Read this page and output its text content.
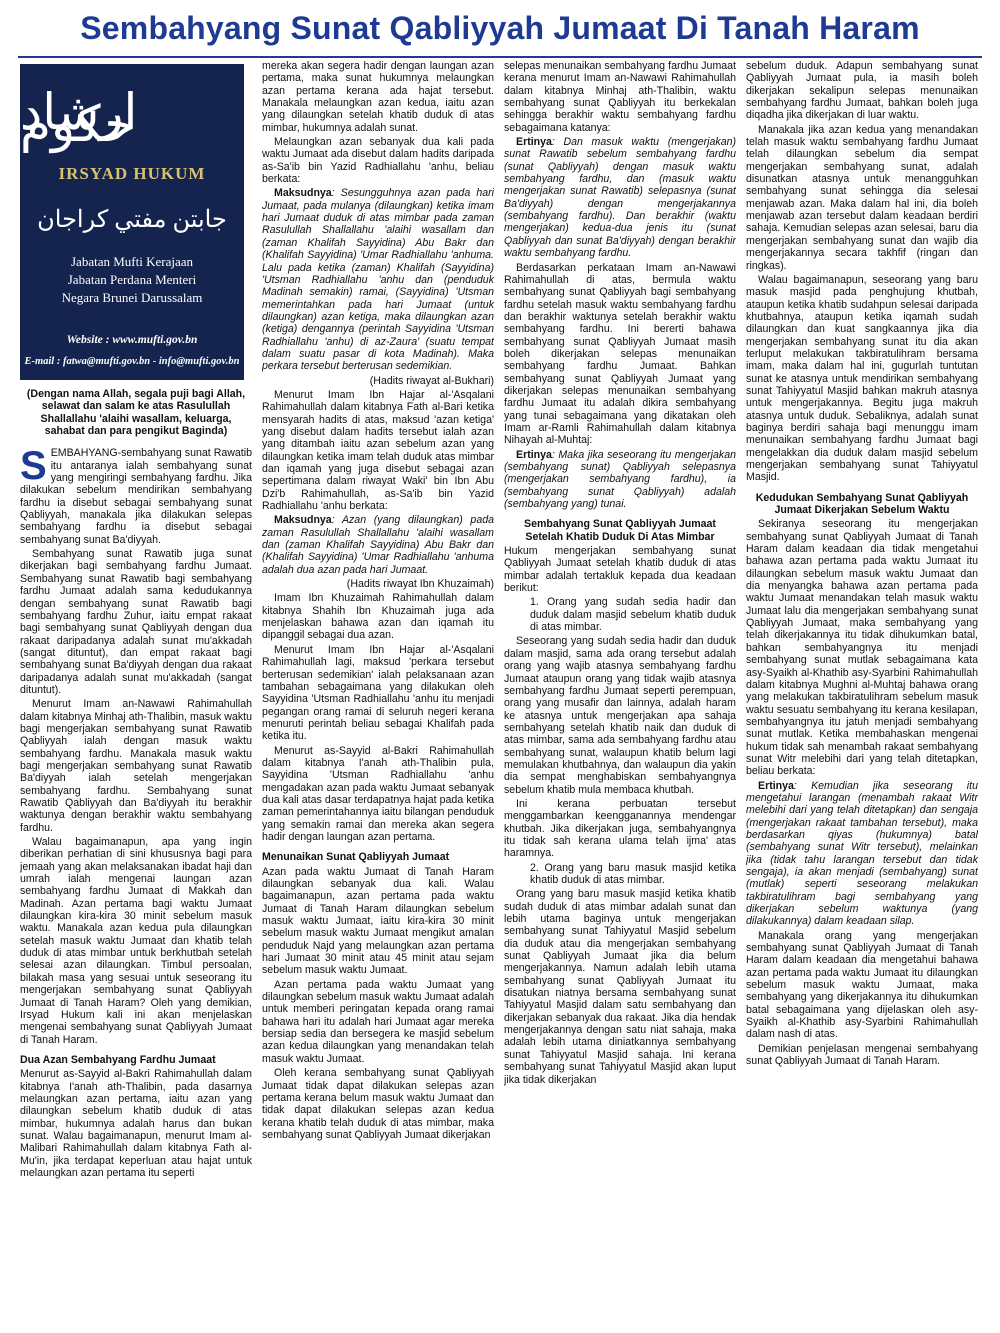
Sembahyang Sunat Qabliyyah Jumaat Di Tanah Haram
ارشاد حکوم
IRSYAD HUKUM
جابتن مفتي كراجان
Jabatan Mufti Kerajaan
Jabatan Perdana Menteri
Negara Brunei Darussalam
Website : www.mufti.gov.bn
E-mail : fatwa@mufti.gov.bn - info@mufti.gov.bn
(Dengan nama Allah, segala puji bagi Allah, selawat dan salam ke atas Rasulullah Shallallahu 'alaihi wasallam, keluarga, sahabat dan para pengikut Baginda)

SEMBAHYANG-sembahyang sunat Rawatib itu antaranya ialah sembahyang sunat yang mengiringi sembahyang fardhu. Jika dilakukan sebelum mendirikan sembahyang fardhu ia disebut sebagai sembahyang sunat Qabliyyah, manakala jika dilakukan selepas sembahyang fardhu ia disebut sebagai sembahyang sunat Ba'diyyah.

Sembahyang sunat Rawatib juga sunat dikerjakan bagi sembahyang fardhu Jumaat. Sembahyang sunat Rawatib bagi sembahyang fardhu Jumaat adalah sama kedudukannya dengan sembahyang sunat Rawatib bagi sembahyang fardhu Zuhur, iaitu empat rakaat bagi sembahyang sunat Qabliyyah dengan dua rakaat daripadanya adalah sunat mu'akkadah (sangat dituntut), dan empat rakaat bagi sembahyang sunat Ba'diyyah dengan dua rakaat daripadanya adalah sunat mu'akkadah (sangat dituntut).

Menurut Imam an-Nawawi Rahimahullah dalam kitabnya Minhaj ath-Thalibin, masuk waktu bagi mengerjakan sembahyang sunat Rawatib Qabliyyah ialah dengan masuk waktu sembahyang fardhu. Manakala masuk waktu bagi mengerjakan sembahyang sunat Rawatib Ba'diyyah ialah setelah mengerjakan sembahyang fardhu. Sembahyang sunat Rawatib Qabliyyah dan Ba'diyyah itu berakhir waktunya dengan berakhir waktu sembahyang fardhu.

Walau bagaimanapun, apa yang ingin diberikan perhatian di sini khususnya bagi para jemaah yang akan melaksanakan ibadat haji dan umrah ialah mengenai laungan azan sembahyang fardhu Jumaat di Makkah dan Madinah. Azan pertama bagi waktu Jumaat dilaungkan kira-kira 30 minit sebelum masuk waktu. Manakala azan kedua pula dilaungkan setelah masuk waktu Jumaat dan khatib telah duduk di atas mimbar untuk berkhutbah setelah selesai azan dilaungkan. Timbul persoalan, bilakah masa yang sesuai untuk seseorang itu mengerjakan sembahyang sunat Qabliyyah Jumaat di Tanah Haram? Oleh yang demikian, Irsyad Hukum kali ini akan menjelaskan mengenai sembahyang sunat Qabliyyah Jumaat di Tanah Haram.

Dua Azan Sembahyang Fardhu Jumaat

Menurut as-Sayyid al-Bakri Rahimahullah dalam kitabnya I'anah ath-Thalibin, pada dasarnya melaungkan azan pertama, iaitu azan yang dilaungkan sebelum khatib duduk di atas mimbar, hukumnya adalah harus dan bukan sunat. Walau bagaimanapun, menurut Imam al-Malibari Rahimahullah dalam kitabnya Fath al-Mu'in, jika terdapat keperluan atau hajat untuk melaungkan azan pertama itu seperti

mereka akan segera hadir dengan laungan azan pertama, maka sunat hukumnya melaungkan azan pertama kerana ada hajat tersebut. Manakala melaungkan azan kedua, iaitu azan yang dilaungkan setelah khatib duduk di atas mimbar, hukumnya adalah sunat.

Melaungkan azan sebanyak dua kali pada waktu Jumaat ada disebut dalam hadits daripada as-Sa'ib bin Yazid Radhiallahu 'anhu, beliau berkata:

Maksudnya: Sesungguhnya azan pada hari Jumaat, pada mulanya (dilaungkan) ketika imam hari Jumaat duduk di atas mimbar pada zaman Rasulullah Shallallahu 'alaihi wasallam dan (zaman Khalifah Sayyidina) Abu Bakr dan (Khalifah Sayyidina) 'Umar Radhiallahu 'anhuma. Lalu pada ketika (zaman) Khalifah (Sayyidina) 'Utsman Radhiallahu 'anhu dan (penduduk Madinah semakin) ramai, (Sayyidina) 'Utsman memerintahkan pada hari Jumaat (untuk dilaungkan) azan ketiga, maka dilaungkan azan (ketiga) dengannya (perintah Sayyidina 'Utsman Radhiallahu 'anhu) di az-Zaura' (suatu tempat dalam suatu pasar di kota Madinah). Maka perkara tersebut berterusan sedemikian.

(Hadits riwayat al-Bukhari)

Menurut Imam Ibn Hajar al-'Asqalani Rahimahullah dalam kitabnya Fath al-Bari ketika mensyarah hadits di atas, maksud 'azan ketiga' yang disebut dalam hadits tersebut ialah azan yang ditambah iaitu azan sebelum azan yang dilaungkan ketika imam telah duduk atas mimbar dan iqamah yang juga disebut sebagai azan sepertimana dalam riwayat Waki' bin Ibn Abu Dzi'b Rahimahullah, as-Sa'ib bin Yazid Radhiallahu 'anhu berkata:

Maksudnya: Azan (yang dilaungkan) pada zaman Rasulullah Shallallahu 'alaihi wasallam dan (zaman Khalifah Sayyidina) Abu Bakr dan (Khalifah Sayyidina) 'Umar Radhiallahu 'anhuma adalah dua azan pada hari Jumaat.

(Hadits riwayat Ibn Khuzaimah)

Imam Ibn Khuzaimah Rahimahullah dalam kitabnya Shahih Ibn Khuzaimah juga ada menjelaskan bahawa azan dan iqamah itu dipanggil sebagai dua azan.

Menurut Imam Ibn Hajar al-'Asqalani Rahimahullah lagi, maksud 'perkara tersebut berterusan sedemikian' ialah pelaksanaan azan tambahan sebagaimana yang dilakukan oleh Sayyidina 'Utsman Radhiallahu 'anhu itu menjadi pegangan orang ramai di seluruh negeri kerana menuruti perintah beliau sebagai Khalifah pada ketika itu.

Menurut as-Sayyid al-Bakri Rahimahullah dalam kitabnya I'anah ath-Thalibin pula, Sayyidina 'Utsman Radhiallahu 'anhu mengadakan azan pada waktu Jumaat sebanyak dua kali atas dasar terdapatnya hajat pada ketika zaman pemerintahannya iaitu bilangan penduduk yang semakin ramai dan mereka akan segera hadir dengan laungan azan pertama.

Menunaikan Sunat Qabliyyah Jumaat

Azan pada waktu Jumaat di Tanah Haram dilaungkan sebanyak dua kali. Walau bagaimanapun, azan pertama pada waktu Jumaat di Tanah Haram dilaungkan sebelum masuk waktu Jumaat, iaitu kira-kira 30 minit sebelum masuk waktu Jumaat mengikut amalan penduduk Najd yang melaungkan azan pertama hari Jumaat 30 minit atau 45 minit atau sejam sebelum masuk waktu Jumaat.

Azan pertama pada waktu Jumaat yang dilaungkan sebelum masuk waktu Jumaat adalah untuk memberi peringatan kepada orang ramai bahawa hari itu adalah hari Jumaat agar mereka bersiap sedia dan bersegera ke masjid sebelum azan kedua dilaungkan yang menandakan telah masuk waktu Jumaat.

Oleh kerana sembahyang sunat Qabliyyah Jumaat tidak dapat dilakukan selepas azan pertama kerana belum masuk waktu Jumaat dan tidak dapat dilakukan selepas azan kedua kerana khatib telah duduk di atas mimbar, maka sembahyang sunat Qabliyyah Jumaat dikerjakan

selepas menunaikan sembahyang fardhu Jumaat kerana menurut Imam an-Nawawi Rahimahullah dalam kitabnya Minhaj ath-Thalibin, waktu sembahyang sunat Qabliyyah itu berkekalan sehingga berakhir waktu sembahyang fardhu sebagaimana katanya:

Ertinya: Dan masuk waktu (mengerjakan) sunat Rawatib sebelum sembahyang fardhu (sunat Qabliyyah) dengan masuk waktu sembahyang fardhu, dan (masuk waktu mengerjakan sunat Rawatib) selepasnya (sunat Ba'diyyah) dengan mengerjakannya (sembahyang fardhu). Dan berakhir (waktu mengerjakan) kedua-dua jenis itu (sunat Qabliyyah dan sunat Ba'diyyah) dengan berakhir waktu sembahyang fardhu.

Berdasarkan perkataan Imam an-Nawawi Rahimahullah di atas, bermula waktu sembahyang sunat Qabliyyah bagi sembahyang fardhu setelah masuk waktu sembahyang fardhu dan berakhir waktunya setelah berakhir waktu sembahyang fardhu. Ini bererti bahawa sembahyang sunat Qabliyyah Jumaat masih boleh dikerjakan selepas menunaikan sembahyang fardhu Jumaat. Bahkan sembahyang sunat Qabliyyah Jumaat yang dikerjakan selepas menunaikan sembahyang fardhu Jumaat itu adalah dikira sembahyang yang tunai sebagaimana yang dikatakan oleh Imam ar-Ramli Rahimahullah dalam kitabnya Nihayah al-Muhtaj:

Ertinya: Maka jika seseorang itu mengerjakan (sembahyang sunat) Qabliyyah selepasnya (mengerjakan sembahyang fardhu), ia (sembahyang sunat Qabliyyah) adalah (sembahyang yang) tunai.

Sembahyang Sunat Qabliyyah Jumaat Setelah Khatib Duduk Di Atas Mimbar

Hukum mengerjakan sembahyang sunat Qabliyyah Jumaat setelah khatib duduk di atas mimbar adalah tertakluk kepada dua keadaan berikut:

1. Orang yang sudah sedia hadir dan duduk dalam masjid sebelum khatib duduk di atas mimbar.

Seseorang yang sudah sedia hadir dan duduk dalam masjid, sama ada orang tersebut adalah orang yang wajib atasnya sembahyang fardhu Jumaat ataupun orang yang tidak wajib atasnya sembahyang fardhu Jumaat seperti perempuan, orang yang musafir dan lainnya, adalah haram ke atasnya untuk mengerjakan apa sahaja sembahyang setelah khatib naik dan duduk di atas mimbar, sama ada sembahyang fardhu atau sembahyang sunat, walaupun khatib belum lagi memulakan khutbahnya, dan walaupun dia yakin dia sempat menghabiskan sembahyangnya sebelum khatib mula membaca khutbah.

Ini kerana perbuatan tersebut menggambarkan keengganannya mendengar khutbah. Jika dikerjakan juga, sembahyangnya itu tidak sah kerana ulama telah ijma' atas haramnya.

2. Orang yang baru masuk masjid ketika khatib duduk di atas mimbar.

Orang yang baru masuk masjid ketika khatib sudah duduk di atas mimbar adalah sunat dan lebih utama baginya untuk mengerjakan sembahyang sunat Tahiyyatul Masjid sebelum dia duduk atau dia mengerjakan sembahyang sunat Qabliyyah Jumaat jika dia belum mengerjakannya. Namun adalah lebih utama sembahyang sunat Qabliyyah Jumaat itu disatukan niatnya bersama sembahyang sunat Tahiyyatul Masjid dalam satu sembahyang dan dikerjakan sebanyak dua rakaat. Jika dia hendak mengerjakannya dengan satu niat sahaja, maka adalah lebih utama diniatkannya sembahyang sunat Tahiyyatul Masjid sahaja. Ini kerana sembahyang sunat Tahiyyatul Masjid akan luput jika tidak dikerjakan

sebelum duduk. Adapun sembahyang sunat Qabliyyah Jumaat pula, ia masih boleh dikerjakan sekalipun selepas menunaikan sembahyang fardhu Jumaat, bahkan boleh juga diqadha jika dikerjakan di luar waktu.

Manakala jika azan kedua yang menandakan telah masuk waktu sembahyang fardhu Jumaat telah dilaungkan sebelum dia sempat mengerjakan sembahyang sunat, adalah disunatkan atasnya untuk menangguhkan sembahyang sunat sehingga dia selesai menjawab azan. Maka dalam hal ini, dia boleh menjawab azan tersebut dalam keadaan berdiri sahaja. Kemudian selepas azan selesai, baru dia mengerjakan sembahyang sunat dan wajib dia mengerjakannya secara takhfif (ringan dan ringkas).

Walau bagaimanapun, seseorang yang baru masuk masjid pada penghujung khutbah, ataupun ketika khatib sudahpun selesai daripada khutbahnya, ataupun ketika iqamah sudah dilaungkan dan kuat sangkaannya jika dia mengerjakan sembahyang sunat itu dia akan terluput melakukan takbiratulihram bersama imam, maka dalam hal ini, gugurlah tuntutan sunat ke atasnya untuk mendirikan sembahyang sunat Tahiyyatul Masjid bahkan makruh atasnya untuk mengerjakannya. Begitu juga makruh atasnya untuk duduk. Sebaliknya, adalah sunat baginya berdiri sahaja bagi menunggu imam menunaikan sembahyang fardhu Jumaat bagi mengelakkan dia duduk dalam masjid sebelum mengerjakan sembahyang sunat Tahiyyatul Masjid.

Kedudukan Sembahyang Sunat Qabliyyah Jumaat Dikerjakan Sebelum Waktu

Sekiranya seseorang itu mengerjakan sembahyang sunat Qabliyyah Jumaat di Tanah Haram dalam keadaan dia tidak mengetahui bahawa azan pertama pada waktu Jumaat itu dilaungkan sebelum masuk waktu Jumaat dan dia menyangka bahawa azan pertama pada waktu Jumaat menandakan telah masuk waktu Jumaat lalu dia mengerjakan sembahyang sunat Qabliyyah Jumaat, maka sembahyang yang telah dikerjakannya itu tidak dihukumkan batal, bahkan sembahyangnya itu menjadi sembahyang sunat mutlak sebagaimana kata asy-Syaikh al-Khathib asy-Syarbini Rahimahullah dalam kitabnya Mughni al-Muhtaj bahawa orang yang melakukan takbiratulihram sebelum masuk waktu sesuatu sembahyang itu kerana kesilapan, sembahyangnya itu jatuh menjadi sembahyang sunat mutlak. Ketika membahaskan mengenai hukum tidak sah menambah rakaat sembahyang sunat Witr melebihi dari yang telah ditetapkan, beliau berkata:

Ertinya: Kemudian jika seseorang itu mengetahui larangan (menambah rakaat Witr melebihi dari yang telah ditetapkan) dan sengaja (mengerjakan rakaat tambahan tersebut), maka berdasarkan qiyas (hukumnya) batal (sembahyang sunat Witr tersebut), melainkan jika (tidak tahu larangan tersebut dan tidak sengaja), ia akan menjadi (sembahyang) sunat (mutlak) seperti seseorang melakukan takbiratulihram bagi sembahyang yang dikerjakan sebelum waktunya (yang dilakukannya) dalam keadaan silap.

Manakala orang yang mengerjakan sembahyang sunat Qabliyyah Jumaat di Tanah Haram dalam keadaan dia mengetahui bahawa azan pertama pada waktu Jumaat itu dilaungkan sebelum masuk waktu Jumaat, maka sembahyang yang dikerjakannya itu dihukumkan batal sebagaimana yang dijelaskan oleh asy-Syaikh al-Khathib asy-Syarbini Rahimahullah dalam nash di atas.

Demikian penjelasan mengenai sembahyang sunat Qabliyyah Jumaat di Tanah Haram.
